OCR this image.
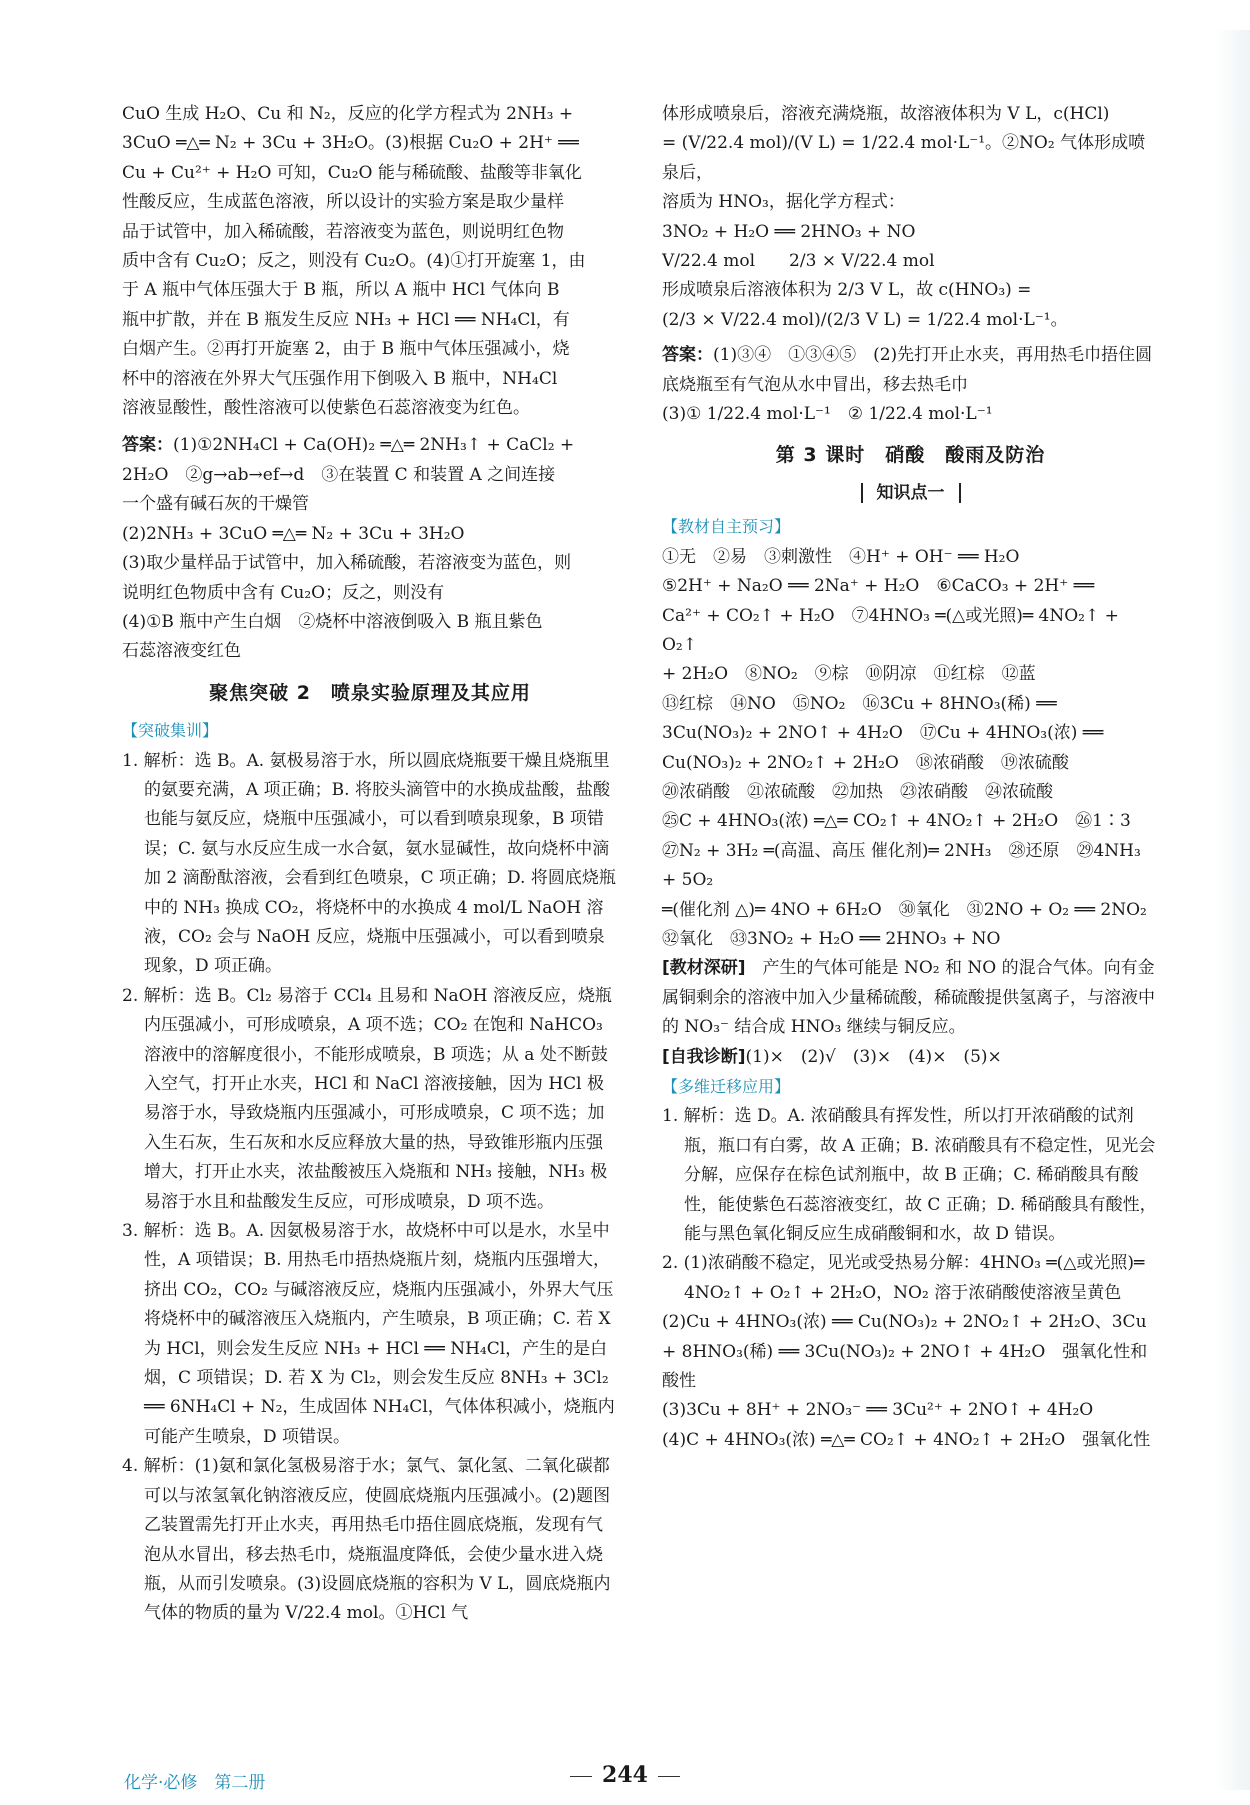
CuO 生成 H₂O、Cu 和 N₂，反应的化学方程式为 2NH₃ +

3CuO ═△═ N₂ + 3Cu + 3H₂O。(3)根据 Cu₂O + 2H⁺ ══

Cu + Cu²⁺ + H₂O 可知，Cu₂O 能与稀硫酸、盐酸等非氧化

性酸反应，生成蓝色溶液，所以设计的实验方案是取少量样

品于试管中，加入稀硫酸，若溶液变为蓝色，则说明红色物

质中含有 Cu₂O；反之，则没有 Cu₂O。(4)①打开旋塞 1，由

于 A 瓶中气体压强大于 B 瓶，所以 A 瓶中 HCl 气体向 B

瓶中扩散，并在 B 瓶发生反应 NH₃ + HCl ══ NH₄Cl，有

白烟产生。②再打开旋塞 2，由于 B 瓶中气体压强减小，烧

杯中的溶液在外界大气压强作用下倒吸入 B 瓶中，NH₄Cl

溶液显酸性，酸性溶液可以使紫色石蕊溶液变为红色。

答案：(1)①2NH₄Cl + Ca(OH)₂ ═△═ 2NH₃↑ + CaCl₂ +

2H₂O　②g→ab→ef→d　③在装置 C 和装置 A 之间连接

一个盛有碱石灰的干燥管

(2)2NH₃ + 3CuO ═△═ N₂ + 3Cu + 3H₂O

(3)取少量样品于试管中，加入稀硫酸，若溶液变为蓝色，则

说明红色物质中含有 Cu₂O；反之，则没有

(4)①B 瓶中产生白烟　②烧杯中溶液倒吸入 B 瓶且紫色

石蕊溶液变红色

聚焦突破 2　喷泉实验原理及其应用
【突破集训】

1. 解析：选 B。A. 氨极易溶于水，所以圆底烧瓶要干燥且烧瓶里的氨要充满，A 项正确；B. 将胶头滴管中的水换成盐酸，盐酸也能与氨反应，烧瓶中压强减小，可以看到喷泉现象，B 项错误；C. 氨与水反应生成一水合氨，氨水显碱性，故向烧杯中滴加 2 滴酚酞溶液，会看到红色喷泉，C 项正确；D. 将圆底烧瓶中的 NH₃ 换成 CO₂，将烧杯中的水换成 4 mol/L NaOH 溶液，CO₂ 会与 NaOH 反应，烧瓶中压强减小，可以看到喷泉现象，D 项正确。

2. 解析：选 B。Cl₂ 易溶于 CCl₄ 且易和 NaOH 溶液反应，烧瓶内压强减小，可形成喷泉，A 项不选；CO₂ 在饱和 NaHCO₃ 溶液中的溶解度很小，不能形成喷泉，B 项选；从 a 处不断鼓入空气，打开止水夹，HCl 和 NaCl 溶液接触，因为 HCl 极易溶于水，导致烧瓶内压强减小，可形成喷泉，C 项不选；加入生石灰，生石灰和水反应释放大量的热，导致锥形瓶内压强增大，打开止水夹，浓盐酸被压入烧瓶和 NH₃ 接触，NH₃ 极易溶于水且和盐酸发生反应，可形成喷泉，D 项不选。

3. 解析：选 B。A. 因氨极易溶于水，故烧杯中可以是水，水呈中性，A 项错误；B. 用热毛巾捂热烧瓶片刻，烧瓶内压强增大，挤出 CO₂，CO₂ 与碱溶液反应，烧瓶内压强减小，外界大气压将烧杯中的碱溶液压入烧瓶内，产生喷泉，B 项正确；C. 若 X 为 HCl，则会发生反应 NH₃ + HCl ══ NH₄Cl，产生的是白烟，C 项错误；D. 若 X 为 Cl₂，则会发生反应 8NH₃ + 3Cl₂ ══ 6NH₄Cl + N₂，生成固体 NH₄Cl，气体体积减小，烧瓶内可能产生喷泉，D 项错误。

4. 解析：(1)氨和氯化氢极易溶于水；氯气、氯化氢、二氧化碳都可以与浓氢氧化钠溶液反应，使圆底烧瓶内压强减小。(2)题图乙装置需先打开止水夹，再用热毛巾捂住圆底烧瓶，发现有气泡从水冒出，移去热毛巾，烧瓶温度降低，会使少量水进入烧瓶，从而引发喷泉。(3)设圆底烧瓶的容积为 V L，圆底烧瓶内气体的物质的量为 V/22.4 mol。①HCl 气

体形成喷泉后，溶液充满烧瓶，故溶液体积为 V L，c(HCl)

= (V/22.4 mol)/(V L) = 1/22.4 mol·L⁻¹。②NO₂ 气体形成喷泉后，

溶质为 HNO₃，据化学方程式：

3NO₂ + H₂O ══ 2HNO₃ + NO

V/22.4 mol　　2/3 × V/22.4 mol

形成喷泉后溶液体积为 2/3 V L，故 c(HNO₃) =

(2/3 × V/22.4 mol)/(2/3 V L) = 1/22.4 mol·L⁻¹。

答案：(1)③④　①③④⑤　(2)先打开止水夹，再用热毛巾捂住圆底烧瓶至有气泡从水中冒出，移去热毛巾

(3)① 1/22.4 mol·L⁻¹　② 1/22.4 mol·L⁻¹

第 3 课时　硝酸　酸雨及防治
知识点一
【教材自主预习】

①无　②易　③刺激性　④H⁺ + OH⁻ ══ H₂O

⑤2H⁺ + Na₂O ══ 2Na⁺ + H₂O　⑥CaCO₃ + 2H⁺ ══

Ca²⁺ + CO₂↑ + H₂O　⑦4HNO₃ ═(△或光照)═ 4NO₂↑ + O₂↑

+ 2H₂O　⑧NO₂　⑨棕　⑩阴凉　⑪红棕　⑫蓝

⑬红棕　⑭NO　⑮NO₂　⑯3Cu + 8HNO₃(稀) ══

3Cu(NO₃)₂ + 2NO↑ + 4H₂O　⑰Cu + 4HNO₃(浓) ══

Cu(NO₃)₂ + 2NO₂↑ + 2H₂O　⑱浓硝酸　⑲浓硫酸

⑳浓硝酸　㉑浓硫酸　㉒加热　㉓浓硝酸　㉔浓硫酸

㉕C + 4HNO₃(浓) ═△═ CO₂↑ + 4NO₂↑ + 2H₂O　㉖1∶3

㉗N₂ + 3H₂ ═(高温、高压 催化剂)═ 2NH₃　㉘还原　㉙4NH₃ + 5O₂

═(催化剂 △)═ 4NO + 6H₂O　㉚氧化　㉛2NO + O₂ ══ 2NO₂

㉜氧化　㉝3NO₂ + H₂O ══ 2HNO₃ + NO

[教材深研]　 产生的气体可能是 NO₂ 和 NO 的混合气体。向有金属铜剩余的溶液中加入少量稀硫酸，稀硫酸提供氢离子，与溶液中的 NO₃⁻ 结合成 HNO₃ 继续与铜反应。

[自我诊断](1)×　(2)√　(3)×　(4)×　(5)×

【多维迁移应用】

1. 解析：选 D。A. 浓硝酸具有挥发性，所以打开浓硝酸的试剂瓶，瓶口有白雾，故 A 正确；B. 浓硝酸具有不稳定性，见光会分解，应保存在棕色试剂瓶中，故 B 正确；C. 稀硝酸具有酸性，能使紫色石蕊溶液变红，故 C 正确；D. 稀硝酸具有酸性，能与黑色氧化铜反应生成硝酸铜和水，故 D 错误。

2. (1)浓硝酸不稳定，见光或受热易分解：4HNO₃ ═(△或光照)═ 4NO₂↑ + O₂↑ + 2H₂O，NO₂ 溶于浓硝酸使溶液呈黄色

(2)Cu + 4HNO₃(浓) ══ Cu(NO₃)₂ + 2NO₂↑ + 2H₂O、3Cu + 8HNO₃(稀) ══ 3Cu(NO₃)₂ + 2NO↑ + 4H₂O　强氧化性和酸性

(3)3Cu + 8H⁺ + 2NO₃⁻ ══ 3Cu²⁺ + 2NO↑ + 4H₂O

(4)C + 4HNO₃(浓) ═△═ CO₂↑ + 4NO₂↑ + 2H₂O　强氧化性

化学·必修　第二册	244
